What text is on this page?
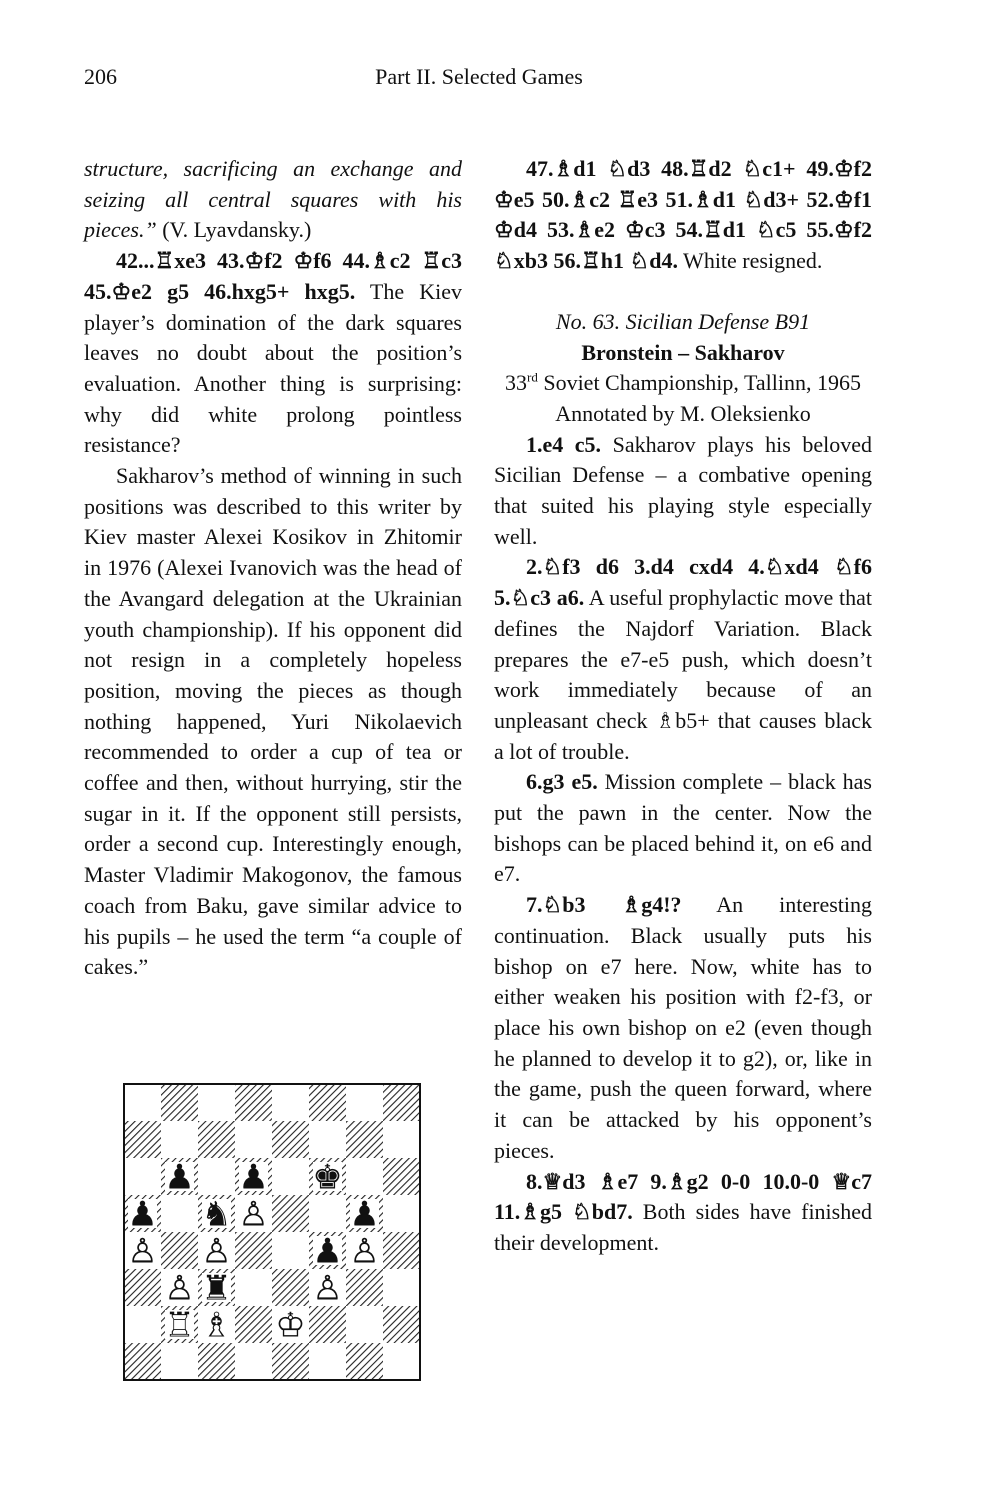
206	Part II. Selected Games

structure, sacrificing an exchange and seizing all central squares with his pieces.” (V. Lyavdansky.)

42...♖xe3 43.♔f2 ♔f6 44.♗c2 ♖c3 45.♔e2 g5 46.hxg5+ hxg5. The Kiev player’s domination of the dark squares leaves no doubt about the position’s evaluation. Another thing is surprising: why did white prolong pointless resistance?

Sakharov’s method of winning in such positions was described to this writer by Kiev master Alexei Kosikov in Zhitomir in 1976 (Alexei Ivanovich was the head of the Avangard delegation at the Ukrainian youth championship). If his opponent did not resign in a completely hopeless position, moving the pieces as though nothing happened, Yuri Nikolaevich recommended to order a cup of tea or coffee and then, without hurrying, stir the sugar in it. If the opponent still persists, order a second cup. Interestingly enough, Master Vladimir Makogonov, the famous coach from Baku, gave similar advice to his pupils – he used the term “a couple of cakes.”

♟ ♟ ♚
♟ ♞ ♙ ♟
♙ ♙ ♟ ♙
♙ ♜ ♙
♖ ♗ ♔

47.♗d1 ♘d3 48.♖d2 ♘c1+ 49.♔f2 ♔e5 50.♗c2 ♖e3 51.♗d1 ♘d3+ 52.♔f1 ♔d4 53.♗e2 ♔c3 54.♖d1 ♘c5 55.♔f2 ♘xb3 56.♖h1 ♘d4. White resigned.

No. 63. Sicilian Defense B91

Bronstein – Sakharov

33rd Soviet Championship, Tallinn, 1965

Annotated by M. Oleksienko

1.e4 c5. Sakharov plays his beloved Sicilian Defense – a combative opening that suited his playing style especially well.

2.♘f3 d6 3.d4 cxd4 4.♘xd4 ♘f6 5.♘c3 a6. A useful prophylactic move that defines the Najdorf Variation. Black prepares the e7-e5 push, which doesn’t work immediately because of an unpleasant check ♗b5+ that causes black a lot of trouble.

6.g3 e5. Mission complete – black has put the pawn in the center. Now the bishops can be placed behind it, on e6 and e7.

7.♘b3 ♗g4!? An interesting continuation. Black usually puts his bishop on e7 here. Now, white has to either weaken his position with f2-f3, or place his own bishop on e2 (even though he planned to develop it to g2), or, like in the game, push the queen forward, where it can be attacked by his opponent’s pieces.

8.♕d3 ♗e7 9.♗g2 0-0 10.0-0 ♕c7 11.♗g5 ♘bd7. Both sides have finished their development.
